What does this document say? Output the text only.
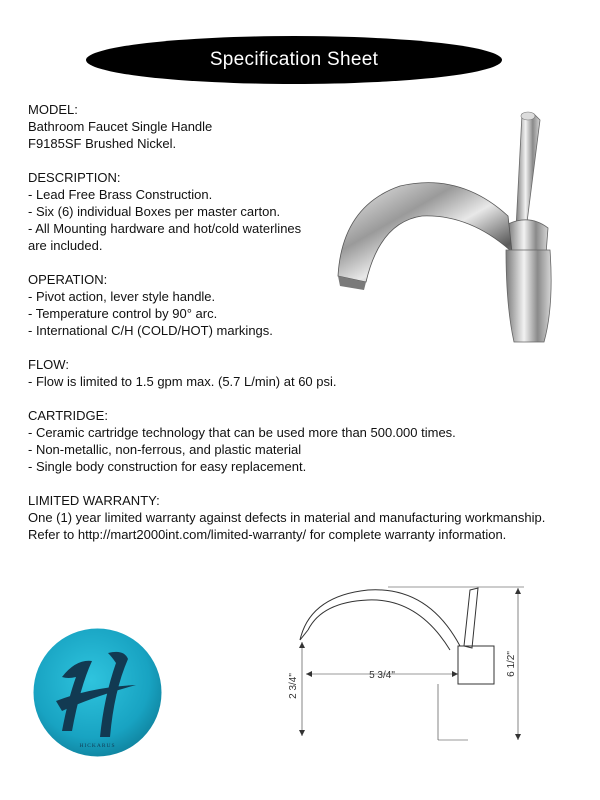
Specification Sheet
MODEL:
Bathroom Faucet Single Handle
F9185SF Brushed Nickel.
DESCRIPTION:
- Lead Free Brass Construction.
- Six (6) individual Boxes per master carton.
- All Mounting hardware and hot/cold waterlines
are included.
OPERATION:
- Pivot action, lever style handle.
- Temperature control by 90° arc.
- International C/H (COLD/HOT) markings.
FLOW:
- Flow is limited to 1.5 gpm max. (5.7 L/min) at 60 psi.
CARTRIDGE:
- Ceramic cartridge technology that can be used more than 500.000 times.
- Non-metallic, non-ferrous, and plastic material
- Single body construction for easy replacement.
LIMITED WARRANTY:
One (1) year limited warranty against defects in material and manufacturing workmanship.
Refer to http://mart2000int.com/limited-warranty/ for complete warranty information.
5 3/4"
2 3/4"
6 1/2"
HICKARUS
